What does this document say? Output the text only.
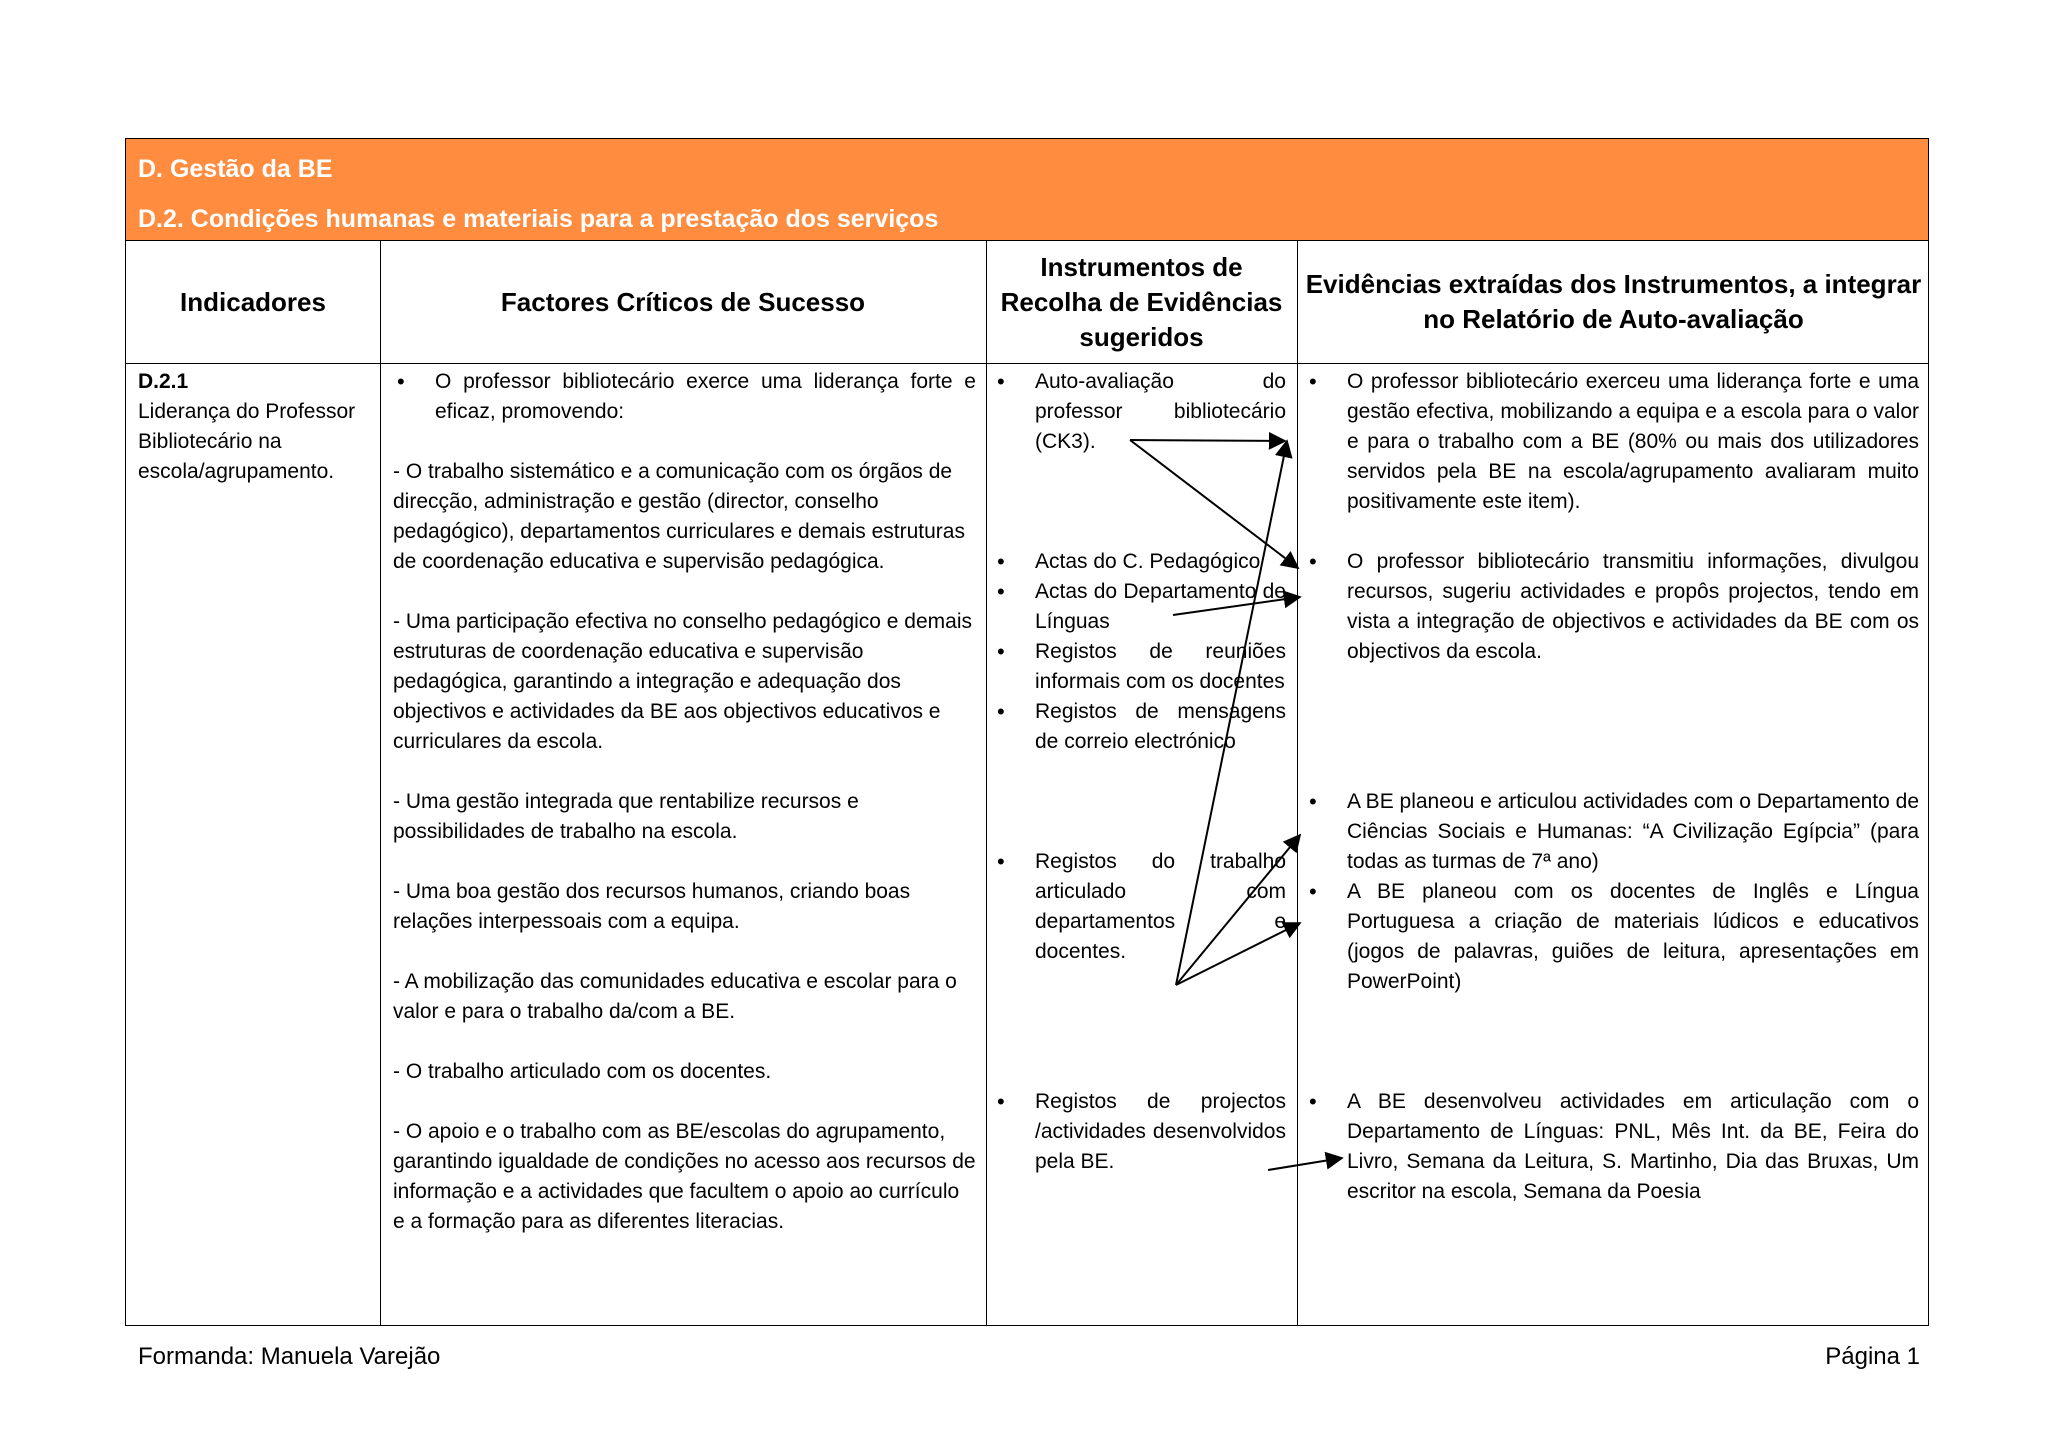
D. Gestão da BE
D.2. Condições humanas e materiais para a prestação dos serviços
Indicadores	Factores Críticos de Sucesso
Instrumentos de
Recolha de Evidências
sugeridos
Evidências extraídas dos Instrumentos, a integrar
no Relatório de Auto-avaliação

D.2.1

Liderança do Professor Bibliotecário na escola/agrupamento.

• O professor bibliotecário exerce uma liderança forte e eficaz, promovendo:

- O trabalho sistemático e a comunicação com os órgãos de direcção, administração e gestão (director, conselho pedagógico), departamentos curriculares e demais estruturas de coordenação educativa e supervisão pedagógica.

- Uma participação efectiva no conselho pedagógico e demais estruturas de coordenação educativa e supervisão pedagógica, garantindo a integração e adequação dos objectivos e actividades da BE aos objectivos educativos e curriculares da escola.

- Uma gestão integrada que rentabilize recursos e possibilidades de trabalho na escola.

- Uma boa gestão dos recursos humanos, criando boas relações interpessoais com a equipa.

- A mobilização das comunidades educativa e escolar para o valor e para o trabalho da/com a BE.

- O trabalho articulado com os docentes.

- O apoio e o trabalho com as BE/escolas do agrupamento, garantindo igualdade de condições no acesso aos recursos de informação e a actividades que facultem o apoio ao currículo e a formação para as diferentes literacias.

• Auto-avaliação do professor bibliotecário (CK3).
• Actas do C. Pedagógico
• Actas do Departamento de Línguas
• Registos de reuniões informais com os docentes
• Registos de mensagens de correio electrónico
• Registos do trabalho articulado com departamentos e docentes.
• Registos de projectos /actividades desenvolvidos pela BE.
• O professor bibliotecário exerceu uma liderança forte e uma gestão efectiva, mobilizando a equipa e a escola para o valor e para o trabalho com a BE (80% ou mais dos utilizadores servidos pela BE na escola/agrupamento avaliaram muito positivamente este item).
• O professor bibliotecário transmitiu informações, divulgou recursos, sugeriu actividades e propôs projectos, tendo em vista a integração de objectivos e actividades da BE com os objectivos da escola.
• A BE planeou e articulou actividades com o Departamento de Ciências Sociais e Humanas: “A Civilização Egípcia” (para todas as turmas de 7ª ano)
• A BE planeou com os docentes de Inglês e Língua Portuguesa a criação de materiais lúdicos e educativos (jogos de palavras, guiões de leitura, apresentações em PowerPoint)
• A BE desenvolveu actividades em articulação com o Departamento de Línguas: PNL, Mês Int. da BE, Feira do Livro, Semana da Leitura, S. Martinho, Dia das Bruxas, Um escritor na escola, Semana da Poesia
Formanda: Manuela Varejão	Página 1
